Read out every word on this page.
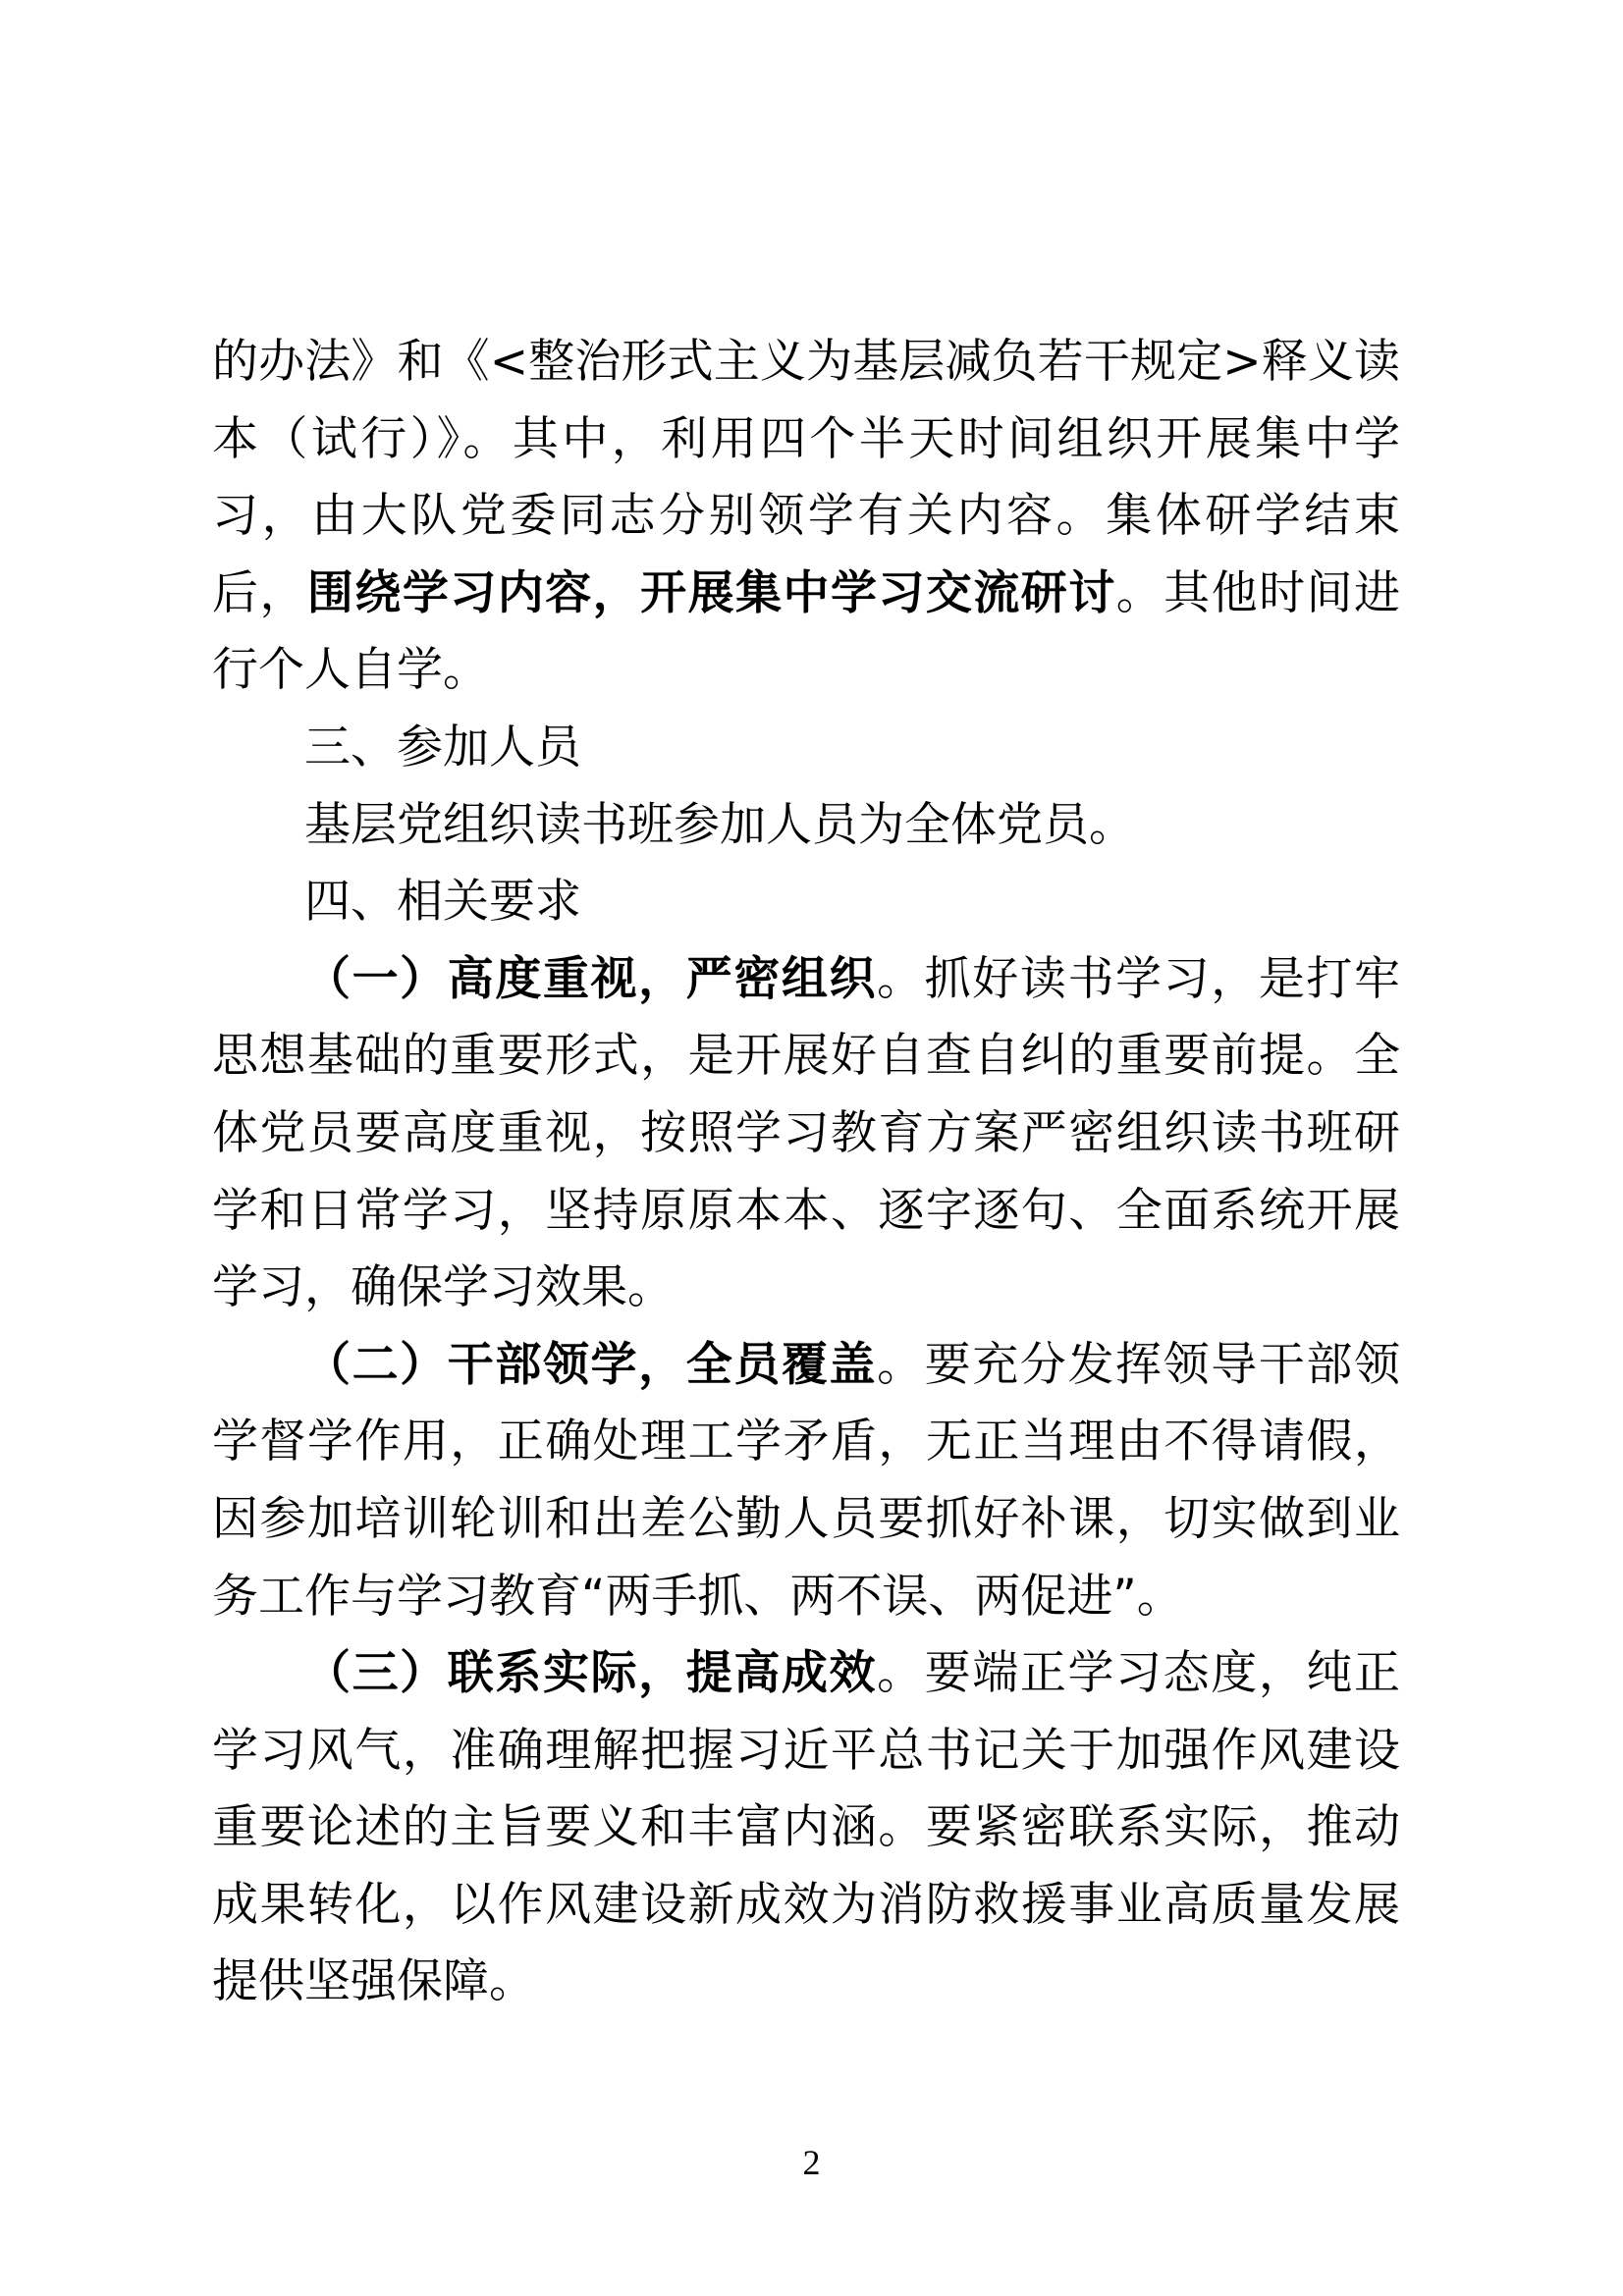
的办法》和《<整治形式主义为基层减负若干规定>释义读本（试行）》。其中，利用四个半天时间组织开展集中学习，由大队党委同志分别领学有关内容。集体研学结束后，围绕学习内容，开展集中学习交流研讨。其他时间进行个人自学。

三、参加人员

基层党组织读书班参加人员为全体党员。

四、相关要求

（一）高度重视，严密组织。抓好读书学习，是打牢思想基础的重要形式，是开展好自查自纠的重要前提。全体党员要高度重视，按照学习教育方案严密组织读书班研学和日常学习，坚持原原本本、逐字逐句、全面系统开展学习，确保学习效果。

（二）干部领学，全员覆盖。要充分发挥领导干部领学督学作用，正确处理工学矛盾，无正当理由不得请假，因参加培训轮训和出差公勤人员要抓好补课，切实做到业务工作与学习教育“两手抓、两不误、两促进”。

（三）联系实际，提高成效。要端正学习态度，纯正学习风气，准确理解把握习近平总书记关于加强作风建设重要论述的主旨要义和丰富内涵。要紧密联系实际，推动成果转化，以作风建设新成效为消防救援事业高质量发展提供坚强保障。

2
